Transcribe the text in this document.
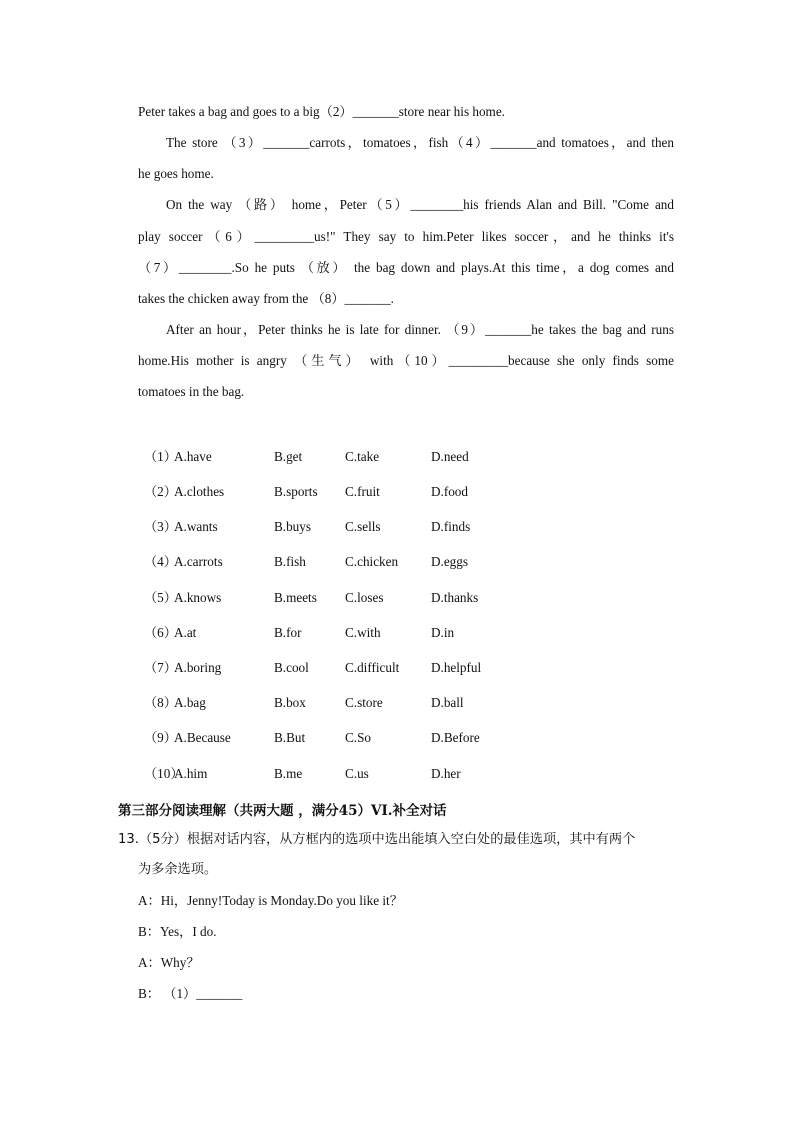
Peter takes a bag and goes to a big（2）_______store near his home.
The store （3）_______carrots，tomatoes，fish（4）_______and tomatoes，and then
he goes home.
On the way （路） home，Peter（5）________his friends Alan and Bill. "Come and
play soccer（6）_________us!" They say to him.Peter likes soccer，and he thinks it's
（7）________.So he puts （放） the bag down and plays.At this time，a dog comes and
takes the chicken away from the （8）_______.
After an hour，Peter thinks he is late for dinner. （9）_______he takes the bag and runs
home.His mother is angry （生气） with（10）_________because she only finds some
tomatoes in the bag.
（1）
A.have	B.get	C.take	D.need
（2）
A.clothes	B.sports C.fruit	D.food
（3）
A.wants	B.buys	C.sells	D.finds
（4）
A.carrots	B.fish	C.chicken D.eggs
（5）
A.knows	B.meets C.loses	D.thanks
（6）
A.at	B.for	C.with	D.in
（7）
A.boring	B.cool	C.difficult D.helpful
（8）
A.bag	B.box	C.store	D.ball
（9）
A.Because	B.But	C.So	D.Before
（10）
A.him	B.me	C.us	D.her
第三部分阅读理解（共两大题 ，满分45）VI.补全对话
13.（5分）根据对话内容，从方框内的选项中选出能填入空白处的最佳选项，其中有两个
为多余选项。
A：Hi，Jenny!Today is Monday.Do you like it？
B：Yes，I do.
A：Why？
B： （1）_______
